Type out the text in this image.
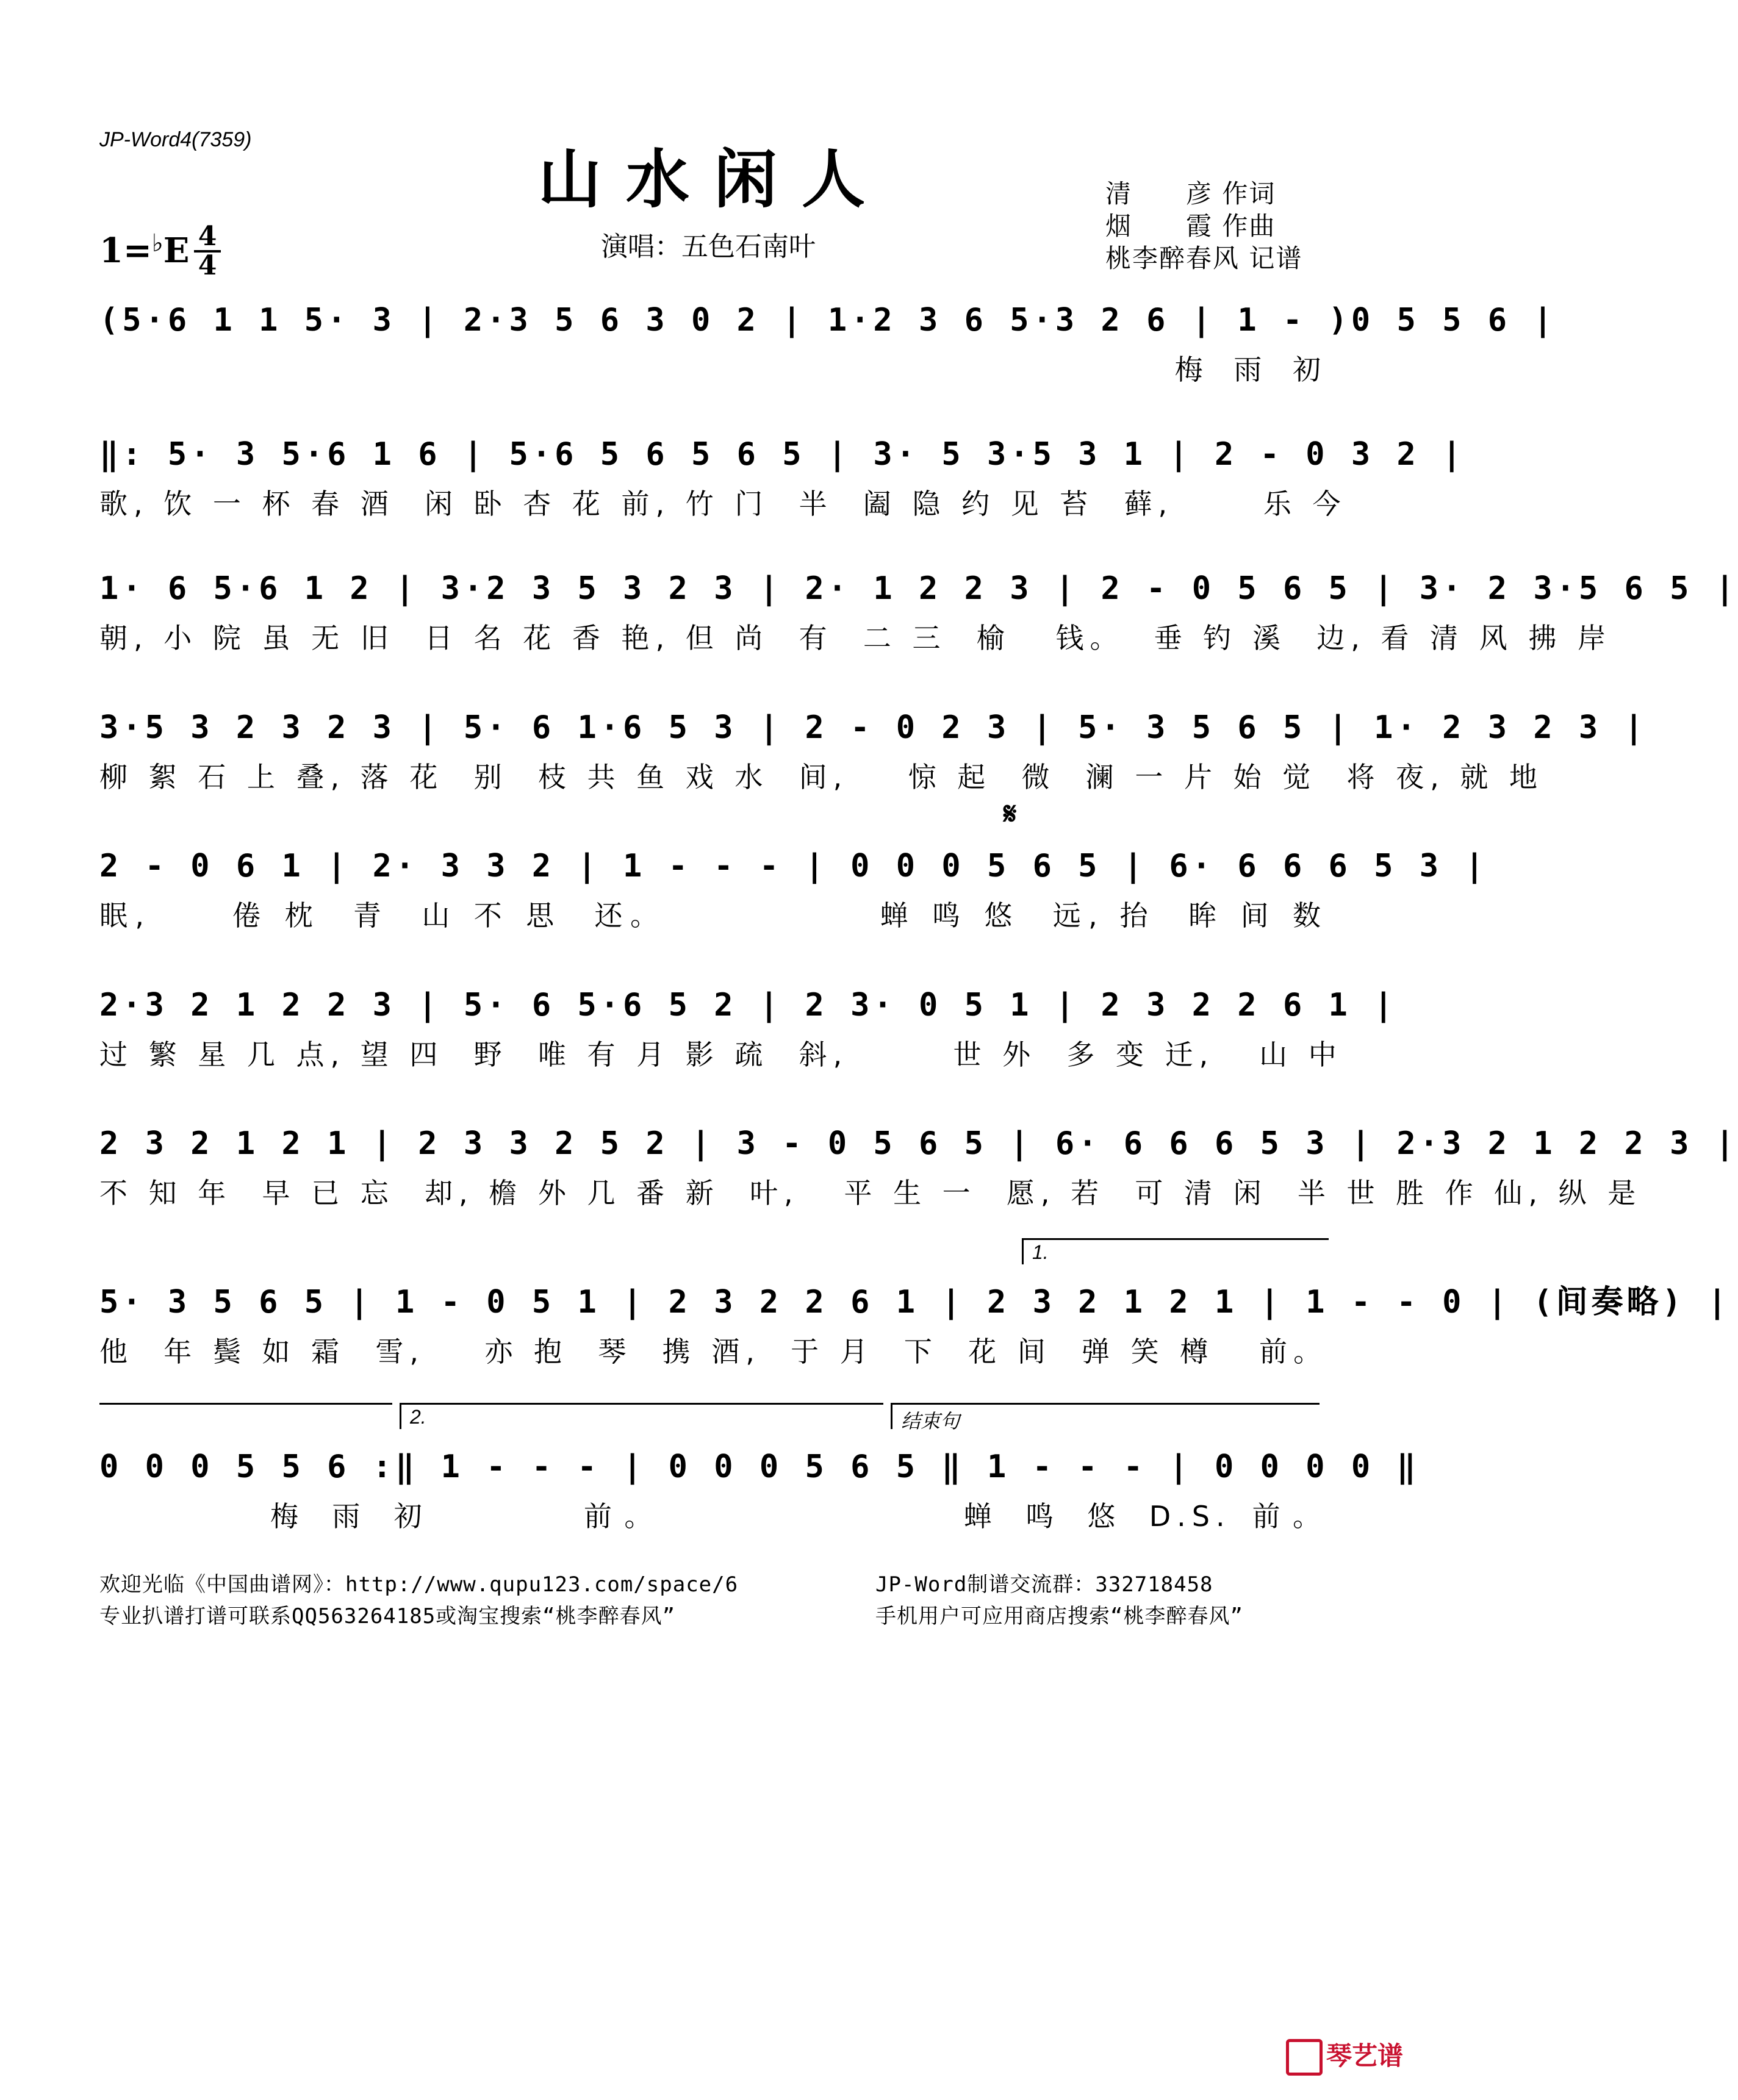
JP-Word4(7359)
山水闲人
演唱：五色石南叶
清　　彦 作词
烟　　霞 作曲
桃李醉春风 记谱
1=♭E 4
4
(5·6 1 1 5· 3 | 2·3 5 6 3 0 2 | 1·2 3 6 5·3 2 6 | 1 - )0 5 5 6 |
梅 雨 初
‖: 5· 3 5·6 1 6 | 5·6 5 6 5 6 5 | 3· 5 3·5 3 1 | 2 - 0 3 2 |
歌, 饮 一 杯 春 酒  闲 卧 杏 花 前, 竹 门  半  阖 隐 约 见 苔  藓,      乐 今
1· 6 5·6 1 2 | 3·2 3 5 3 2 3 | 2· 1 2 2 3 | 2 - 0 5 6 5 | 3· 2 3·5 6 5 |
朝, 小 院 虽 无 旧  日 名 花 香 艳, 但 尚  有  二 三  榆   钱。  垂 钓 溪  边, 看 清 风 拂 岸
3·5 3 2 3 2 3 | 5· 6 1·6 5 3 | 2 - 0 2 3 | 5· 3 5 6 5 | 1· 2 3 2 3 |
柳 絮 石 上 叠, 落 花  别  枝 共 鱼 戏 水  间,    惊 起  微  澜 一 片 始 觉  将 夜, 就 地
𝄋
2 - 0 6 1 | 2· 3 3 2 | 1 - - - | 0 0 0 5 6 5 | 6· 6 6 6 5 3 |
眠,     倦 枕  青  山 不 思  还。             蝉 鸣 悠  远, 抬  眸 间 数
2·3 2 1 2 2 3 | 5· 6 5·6 5 2 | 2 3· 0 5 1 | 2 3 2 2 6 1 |
过 繁 星 几 点, 望 四  野  唯 有 月 影 疏  斜,       世 外  多 变 迁,   山 中
2 3 2 1 2 1 | 2 3 3 2 5 2 | 3 - 0 5 6 5 | 6· 6 6 6 5 3 | 2·3 2 1 2 2 3 |
不 知 年  早 已 忘  却, 檐 外 几 番 新  叶,   平 生 一  愿, 若  可 清 闲  半 世 胜 作 仙, 纵 是
1.
5· 3 5 6 5 | 1 - 0 5 1 | 2 3 2 2 6 1 | 2 3 2 1 2 1 | 1 - - 0 | (间奏略) |
他  年 鬓 如 霜  雪,    亦 抱  琴  携 酒,  于 月  下  花 间  弹 笑 樽   前。
2.	结束句
0 0 0 5 5 6 :‖ 1 - - - | 0 0 0 5 6 5 ‖ 1 - - - | 0 0 0 0 ‖
梅 雨 初       前。              蝉 鸣 悠 D.S. 前。
欢迎光临《中国曲谱网》：http://www.qupu123.com/space/6
专业扒谱打谱可联系QQ563264185或淘宝搜索“桃李醉春风”
JP-Word制谱交流群：332718458
手机用户可应用商店搜索“桃李醉春风”
琴艺谱
